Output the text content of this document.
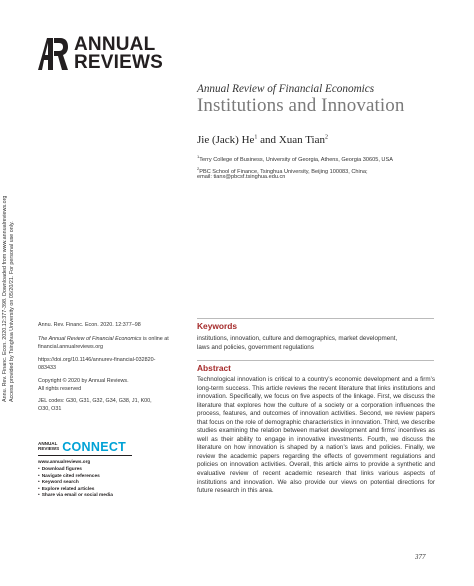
ANNUAL
REVIEWS
Annual Review of Financial Economics
Institutions and Innovation
Jie (Jack) He$^1$ and Xuan Tian$^2$
$^1$Terry College of Business, University of Georgia, Athens, Georgia 30605, USA
$^2$PBC School of Finance, Tsinghua University, Beijing 100083, China;
email: tianx@pbcsf.tsinghua.edu.cn
Annu. Rev. Financ. Econ. 2020.12:377-398. Downloaded from www.annualreviews.org Access provided by Tsinghua University on 05/20/21. For personal use only.	Annu. Rev. Financ. Econ. 2020. 12:377–98
The Annual Review of Financial Economics is online at
financial.annualreviews.org
https://doi.org/10.1146/annurev-financial-032820-
083433
Copyright © 2020 by Annual Reviews.
All rights reserved
JEL codes: G30, G31, G32, G34, G38, J1, K00,
O30, O31
ANNUAL
REVIEWS CONNECT
www.annualreviews.org
• Download figures
• Navigate cited references
• Keyword search
• Explore related articles
• Share via email or social media
Keywords
institutions, innovation, culture and demographics, market development,
laws and policies, government regulations
Abstract
Technological innovation is critical to a country’s economic development and a firm’s long-term success. This article reviews the recent literature that links institutions and innovation. Specifically, we focus on five aspects of the linkage. First, we discuss the literature that explores how the culture of a society or a corporation influences the process, features, and outcomes of innovation activities. Second, we review papers that focus on the role of demographic characteristics in innovation. Third, we describe studies examining the relation between market development and firms’ incentives as well as their ability to engage in innovative investments. Fourth, we discuss the literature on how innovation is shaped by a nation’s laws and policies. Finally, we review the academic papers regarding the effects of government regulations and policies on innovation activities. Overall, this article aims to provide a synthetic and evaluative review of recent academic research that links various aspects of institutions and innovation. We also provide our views on potential directions for future research in this area.
377
